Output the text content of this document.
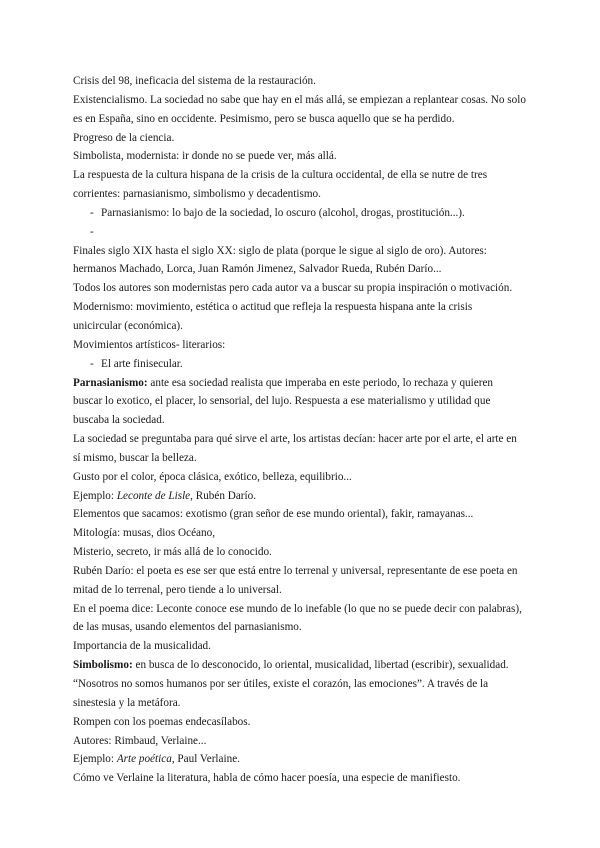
Crisis del 98, ineficacia del sistema de la restauración.

Existencialismo. La sociedad no sabe que hay en el más allá, se empiezan a replantear cosas. No solo

es en España, sino en occidente. Pesimismo, pero se busca aquello que se ha perdido.

Progreso de la ciencia.

Simbolista, modernista: ir donde no se puede ver, más allá.

La respuesta de la cultura hispana de la crisis de la cultura occidental, de ella se nutre de tres

corrientes: parnasianismo, simbolismo y decadentismo.

- Parnasianismo: lo bajo de la sociedad, lo oscuro (alcohol, drogas, prostitución...).
-

Finales siglo XIX hasta el siglo XX: siglo de plata (porque le sigue al siglo de oro). Autores:

hermanos Machado, Lorca, Juan Ramón Jimenez, Salvador Rueda, Rubén Darío...

Todos los autores son modernistas pero cada autor va a buscar su propia inspiración o motivación.

Modernismo: movimiento, estética o actitud que refleja la respuesta hispana ante la crisis

unicircular (económica).

Movimientos artísticos- literarios:

- El arte finisecular.

Parnasianismo: ante esa sociedad realista que imperaba en este periodo, lo rechaza y quieren

buscar lo exotico, el placer, lo sensorial, del lujo. Respuesta a ese materialismo y utilidad que

buscaba la sociedad.

La sociedad se preguntaba para qué sirve el arte, los artistas decían: hacer arte por el arte, el arte en

sí mismo, buscar la belleza.

Gusto por el color, época clásica, exótico, belleza, equilibrio...

Ejemplo: Leconte de Lisle, Rubén Darío.

Elementos que sacamos: exotismo (gran señor de ese mundo oriental), fakir, ramayanas...

Mitología: musas, dios Océano,

Misterio, secreto, ir más allá de lo conocido.

Rubén Darío: el poeta es ese ser que está entre lo terrenal y universal, representante de ese poeta en

mitad de lo terrenal, pero tiende a lo universal.

En el poema dice: Leconte conoce ese mundo de lo inefable (lo que no se puede decir con palabras),

de las musas, usando elementos del parnasianismo.

Importancia de la musicalidad.

Simbolismo: en busca de lo desconocido, lo oriental, musicalidad, libertad (escribir), sexualidad.

“Nosotros no somos humanos por ser útiles, existe el corazón, las emociones”. A través de la

sinestesia y la metáfora.

Rompen con los poemas endecasílabos.

Autores: Rimbaud, Verlaine...

Ejemplo: Arte poética, Paul Verlaine.

Cómo ve Verlaine la literatura, habla de cómo hacer poesía, una especie de manifiesto.
